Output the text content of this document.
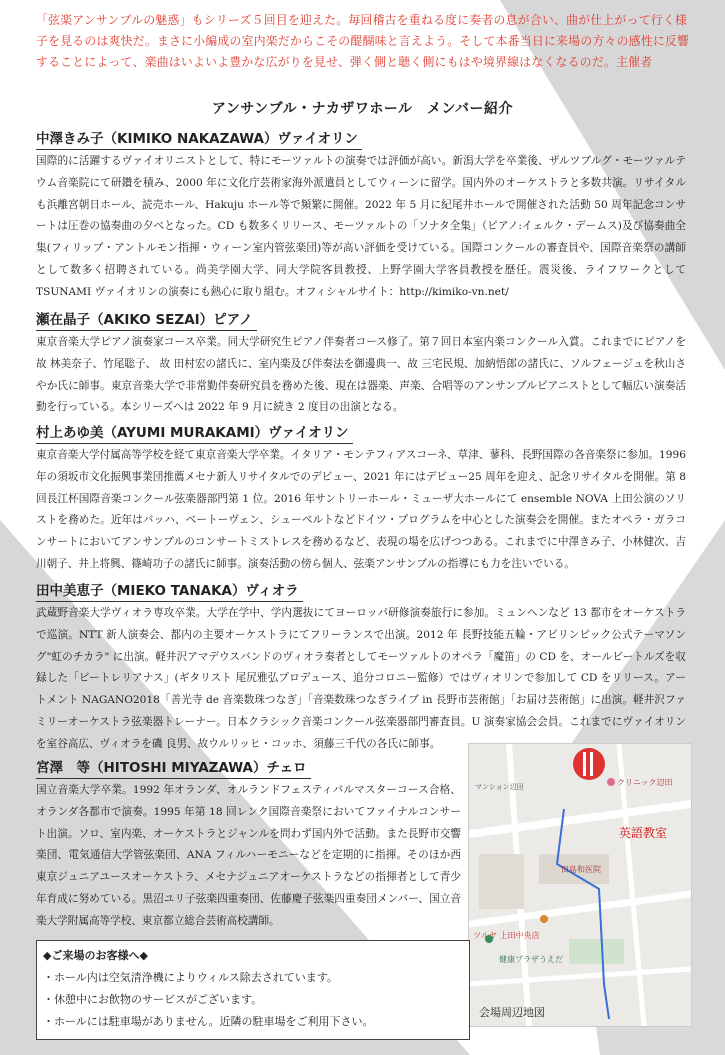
「弦楽アンサンブルの魅惑」もシリーズ５回目を迎えた。毎回稽古を重ねる度に奏者の息が合い、曲が仕上がって行く様子を見るのは爽快だ。まさに小編成の室内楽だからこその醍醐味と言えよう。そして本番当日に来場の方々の感性に反響することによって、楽曲はいよいよ豊かな広がりを見せ、弾く側と聴く側にもはや境界線はなくなるのだ。主催者
アンサンブル・ナカザワホール　メンバー紹介
中澤きみ子（KIMIKO NAKAZAWA）ヴァイオリン
国際的に活躍するヴァイオリニストとして、特にモーツァルトの演奏では評価が高い。新潟大学を卒業後、ザルツブルグ・モーツァルテウム音楽院にて研鑽を積み、2000 年に文化庁芸術家海外派遣員としてウィーンに留学。国内外のオーケストラと多数共演。リサイタルも浜離宮朝日ホール、読売ホール、Hakuju ホール等で頻繁に開催。2022 年 5 月に紀尾井ホールで開催された活動 50 周年記念コンサートは圧巻の協奏曲の夕べとなった。CD も数多くリリース、モーツァルトの「ソナタ全集」（ピアノ:イェルク・デームス)及び協奏曲全集(フィリップ・アントルモン指揮・ウィーン室内管弦楽団)等が高い評価を受けている。国際コンクールの審査員や、国際音楽祭の講師として数多く招聘されている。尚美学園大学、同大学院客員教授、上野学園大学客員教授を歴任。震災後、ライフワークとして TSUNAMI ヴァイオリンの演奏にも熱心に取り組む。オフィシャルサイト：http://kimiko-vn.net/
瀬在晶子（AKIKO SEZAI）ピアノ
東京音楽大学ピアノ演奏家コース卒業。同大学研究生ピアノ伴奏者コース修了。第７回日本室内楽コンクール入賞。これまでにピアノを故 林美奈子、竹尾聡子、 故 田村宏の諸氏に、室内楽及び伴奏法を御邊典一、故 三宅民規、加納悟郎の諸氏に、ソルフェージュを秋山さやか氏に師事。東京音楽大学で非常勤伴奏研究員を務めた後、現在は器楽、声楽、合唱等のアンサンブルピアニストとして幅広い演奏活動を行っている。本シリーズへは 2022 年 9 月に続き 2 度目の出演となる。
村上あゆ美（AYUMI MURAKAMI）ヴァイオリン
東京音楽大学付属高等学校を経て東京音楽大学卒業。イタリア・モンテフィアスコーネ、草津、蓼科、長野国際の各音楽祭に参加。1996 年の須坂市文化振興事業団推薦メセナ新人リサイタルでのデビュー、2021 年にはデビュー25 周年を迎え、記念リサイタルを開催。第 8 回長江杯国際音楽コンクール弦楽器部門第 1 位。2016 年サントリーホール・ミューザ大ホールにて ensemble NOVA 上田公演のソリストを務めた。近年はバッハ、ベートーヴェン、シューベルトなどドイツ・プログラムを中心とした演奏会を開催。またオペラ・ガラコンサートにおいてアンサンブルのコンサートミストレスを務めるなど、表現の場を広げつつある。これまでに中澤きみ子、小林健次、吉川朝子、井上将興、篠崎功子の諸氏に師事。演奏活動の傍ら個人、弦楽アンサンブルの指導にも力を注いでいる。
田中美恵子（MIEKO TANAKA）ヴィオラ
武蔵野音楽大学ヴィオラ専攻卒業。大学在学中、学内選抜にてヨーロッパ研修演奏旅行に参加。ミュンヘンなど 13 都市をオーケストラで巡演。NTT 新人演奏会、都内の主要オーケストラにてフリーランスで出演。2012 年 長野技能五輪・アビリンピック公式テーマソング"虹のチカラ" に出演。軽井沢アマデウスバンドのヴィオラ奏者としてモーツァルトのオペラ「魔笛」の CD を、オールビートルズを収録した「ビートレリアナス」(ギタリスト 尾尻雅弘プロデュース、追分コロニー監修）ではヴィオリンで参加して CD をリリース。アートメント NAGANO2018「善光寺 de 音楽数珠つなぎ」「音楽数珠つなぎライブ in 長野市芸術館」「お届け芸術館」に出演。軽井沢ファミリーオーケストラ弦楽器トレーナー。日本クラシック音楽コンクール弦楽器部門審査員。U 演奏家協会会員。これまでにヴァイオリンを室谷高広、ヴィオラを磯 良男、故ウルリッヒ・コッホ、須藤三千代の各氏に師事。
宮澤　等（HITOSHI MIYAZAWA）チェロ
国立音楽大学卒業。1992 年オランダ、オルランドフェスティバルマスターコース合格、オランダ各都市で演奏。1995 年第 18 回レンク国際音楽祭においてファイナルコンサート出演。ソロ、室内楽、オーケストラとジャンルを問わず国内外で活動。また長野市交響楽団、電気通信大学管弦楽団、ANA フィルハーモニーなどを定期的に指揮。そのほか西東京ジュニアユースオーケストラ、メセナジュニアオーケストラなどの指揮者として青少年育成に努めている。黒沼ユリ子弦楽四重奏団、佐藤慶子弦楽四重奏団メンバー、国立音楽大学附属高等学校、東京都立総合芸術高校講師。
クリニック辺田
英語教室
マンション辺田
田島和医院
ツルヤ 上田中央店
健康プラザうえだ
会場周辺地図
◆ご来場のお客様へ◆
・ホール内は空気清浄機によりウィルス除去されています。
・休憩中にお飲物のサービスがございます。
・ホールには駐車場がありません。近隣の駐車場をご利用下さい。
